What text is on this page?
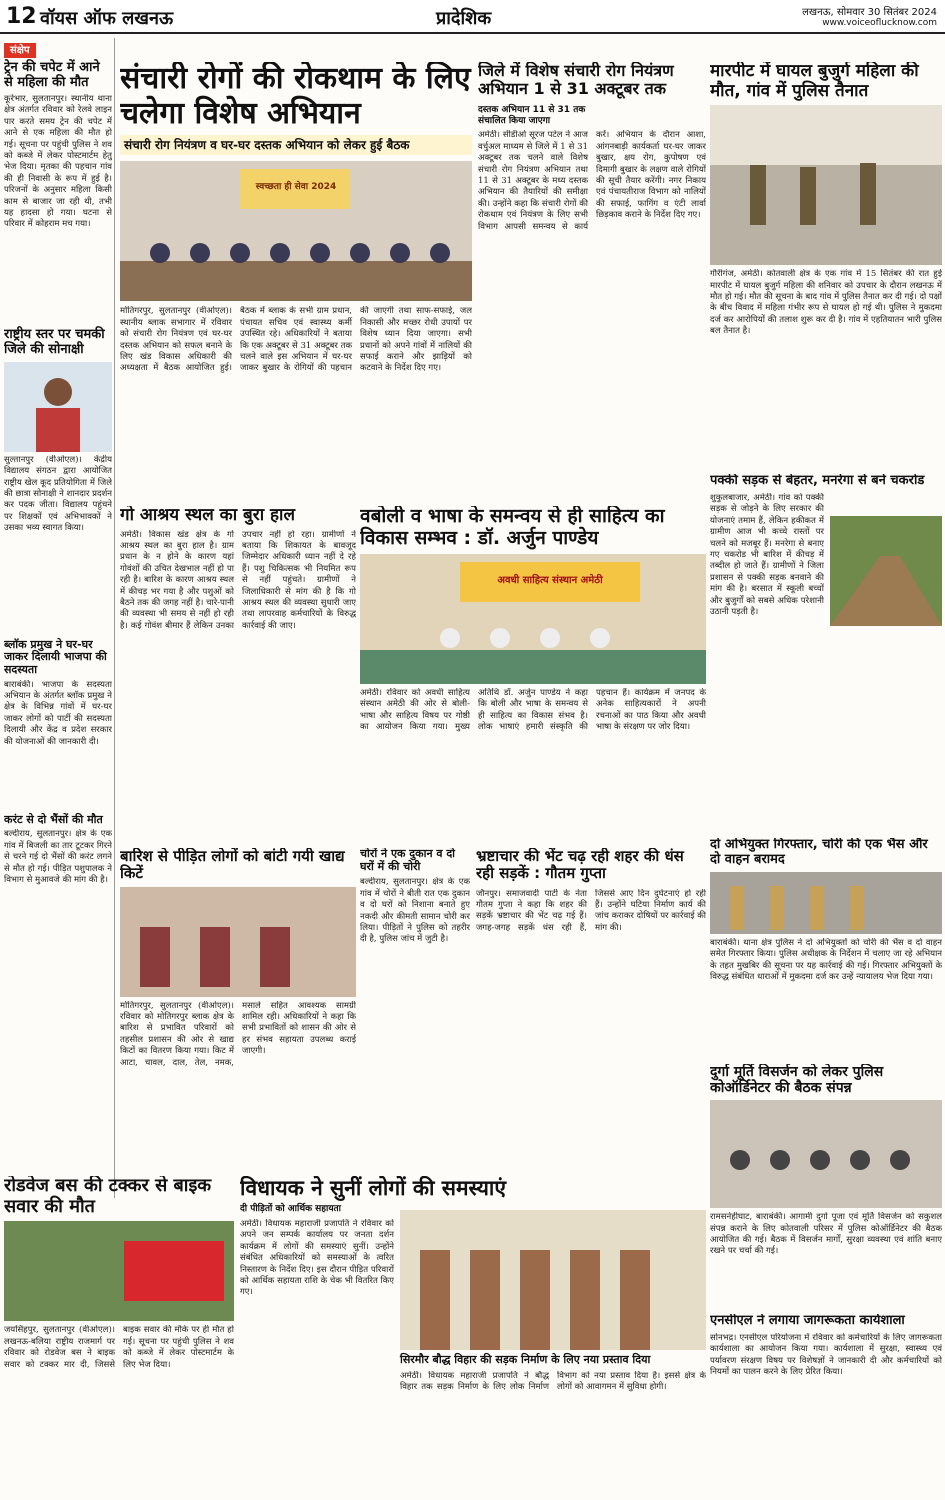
12 वॉयस ऑफ लखनऊ	प्रादेशिक	लखनऊ, सोमवार 30 सितंबर 2024
www.voiceoflucknow.com
संक्षेप
ट्रेन की चपेट में आने से महिला की मौत
कूरेभार, सुलतानपुर। स्थानीय थाना क्षेत्र अंतर्गत रविवार को रेलवे लाइन पार करते समय ट्रेन की चपेट में आने से एक महिला की मौत हो गई। सूचना पर पहुंची पुलिस ने शव को कब्जे में लेकर पोस्टमार्टम हेतु भेज दिया। मृतका की पहचान गांव की ही निवासी के रूप में हुई है। परिजनों के अनुसार महिला किसी काम से बाजार जा रही थी, तभी यह हादसा हो गया। घटना से परिवार में कोहराम मच गया।
राष्ट्रीय स्तर पर चमकी जिले की सोनाक्षी
सुल्तानपुर (वीओएल)। केंद्रीय विद्यालय संगठन द्वारा आयोजित राष्ट्रीय खेल कूद प्रतियोगिता में जिले की छात्रा सोनाक्षी ने शानदार प्रदर्शन कर पदक जीता। विद्यालय पहुंचने पर शिक्षकों एवं अभिभावकों ने उसका भव्य स्वागत किया।
ब्लाॅक प्रमुख ने घर-घर जाकर दिलायी भाजपा की सदस्यता
बाराबंकी। भाजपा के सदस्यता अभियान के अंतर्गत ब्लाॅक प्रमुख ने क्षेत्र के विभिन्न गांवों में घर-घर जाकर लोगों को पार्टी की सदस्यता दिलायी और केंद्र व प्रदेश सरकार की योजनाओं की जानकारी दी।
करंट से दो भैंसों की मौत
बल्दीराय, सुलतानपुर। क्षेत्र के एक गांव में बिजली का तार टूटकर गिरने से चरने गई दो भैंसों की करंट लगने से मौत हो गई। पीड़ित पशुपालक ने विभाग से मुआवजे की मांग की है।
संचारी रोगों की रोकथाम के लिए चलेगा विशेष अभियान
संचारी रोग नियंत्रण व घर-घर दस्तक अभियान को लेकर हुई बैठक
स्वच्छता ही सेवा 2024
मोतिगरपुर, सुलतानपुर (वीओएल)। स्थानीय ब्लाक सभागार में रविवार को संचारी रोग नियंत्रण एवं घर-घर दस्तक अभियान को सफल बनाने के लिए खंड विकास अधिकारी की अध्यक्षता में बैठक आयोजित हुई। बैठक में ब्लाक के सभी ग्राम प्रधान, पंचायत सचिव एवं स्वास्थ्य कर्मी उपस्थित रहे। अधिकारियों ने बताया कि एक अक्टूबर से 31 अक्टूबर तक चलने वाले इस अभियान में घर-घर जाकर बुखार के रोगियों की पहचान की जाएगी तथा साफ-सफाई, जल निकासी और मच्छर रोधी उपायों पर विशेष ध्यान दिया जाएगा। सभी प्रधानों को अपने गांवों में नालियों की सफाई कराने और झाड़ियों को कटवाने के निर्देश दिए गए।
जिले में विशेष संचारी रोग नियंत्रण अभियान 1 से 31 अक्टूबर तक
दस्तक अभियान 11 से 31 तक संचालित किया जाएगा
अमेठी। सीडीओ सूरज पटेल ने आज वर्चुअल माध्यम से जिले में 1 से 31 अक्टूबर तक चलने वाले विशेष संचारी रोग नियंत्रण अभियान तथा 11 से 31 अक्टूबर के मध्य दस्तक अभियान की तैयारियों की समीक्षा की। उन्होंने कहा कि संचारी रोगों की रोकथाम एवं नियंत्रण के लिए सभी विभाग आपसी समन्वय से कार्य करें। अभियान के दौरान आशा, आंगनबाड़ी कार्यकर्ता घर-घर जाकर बुखार, क्षय रोग, कुपोषण एवं दिमागी बुखार के लक्षण वाले रोगियों की सूची तैयार करेंगी। नगर निकाय एवं पंचायतीराज विभाग को नालियों की सफाई, फागिंग व एंटी लार्वा छिड़काव कराने के निर्देश दिए गए।
मारपीट में घायल बुजुर्ग महिला की मौत, गांव में पुलिस तैनात
गौरीगंज, अमेठी। कोतवाली क्षेत्र के एक गांव में 15 सितंबर की रात हुई मारपीट में घायल बुजुर्ग महिला की शनिवार को उपचार के दौरान लखनऊ में मौत हो गई। मौत की सूचना के बाद गांव में पुलिस तैनात कर दी गई। दो पक्षों के बीच विवाद में महिला गंभीर रूप से घायल हो गई थी। पुलिस ने मुकदमा दर्ज कर आरोपियों की तलाश शुरू कर दी है। गांव में एहतियातन भारी पुलिस बल तैनात है।
पक्की सड़क से बेहतर, मनरेगा से बने चकरोड
शुकुलबाजार, अमेठी। गांव को पक्की सड़क से जोड़ने के लिए सरकार की योजनाएं तमाम हैं, लेकिन हकीकत में ग्रामीण आज भी कच्चे रास्तों पर चलने को मजबूर हैं। मनरेगा से बनाए गए चकरोड भी बारिश में कीचड़ में तब्दील हो जाते हैं। ग्रामीणों ने जिला प्रशासन से पक्की सड़क बनवाने की मांग की है। बरसात में स्कूली बच्चों और बुजुर्गों को सबसे अधिक परेशानी उठानी पड़ती है।
दो अभियुक्त गिरफ्तार, चोरी की एक भैंस और दो वाहन बरामद
बाराबंकी। थाना क्षेत्र पुलिस ने दो अभियुक्तों को चोरी की भैंस व दो वाहन समेत गिरफ्तार किया। पुलिस अधीक्षक के निर्देशन में चलाए जा रहे अभियान के तहत मुखबिर की सूचना पर यह कार्रवाई की गई। गिरफ्तार अभियुक्तों के विरुद्ध संबंधित धाराओं में मुकदमा दर्ज कर उन्हें न्यायालय भेज दिया गया।
दुर्गा मूर्ति विसर्जन को लेकर पुलिस कोऑर्डिनेटर की बैठक संपन्न
रामसनेहीघाट, बाराबंकी। आगामी दुर्गा पूजा एवं मूर्ति विसर्जन को सकुशल संपन्न कराने के लिए कोतवाली परिसर में पुलिस कोऑर्डिनेटर की बैठक आयोजित की गई। बैठक में विसर्जन मार्गों, सुरक्षा व्यवस्था एवं शांति बनाए रखने पर चर्चा की गई।
एनसीएल ने लगाया जागरूकता कार्यशाला
सोनभद्र। एनसीएल परियोजना में रविवार को कर्मचारियों के लिए जागरूकता कार्यशाला का आयोजन किया गया। कार्यशाला में सुरक्षा, स्वास्थ्य एवं पर्यावरण संरक्षण विषय पर विशेषज्ञों ने जानकारी दी और कर्मचारियों को नियमों का पालन करने के लिए प्रेरित किया।
गो आश्रय स्थल का बुरा हाल
अमेठी। विकास खंड क्षेत्र के गो आश्रय स्थल का बुरा हाल है। ग्राम प्रधान के न होने के कारण यहां गोवंशों की उचित देखभाल नहीं हो पा रही है। बारिश के कारण आश्रय स्थल में कीचड़ भर गया है और पशुओं को बैठने तक की जगह नहीं है। चारे-पानी की व्यवस्था भी समय से नहीं हो रही है। कई गोवंश बीमार हैं लेकिन उनका उपचार नहीं हो रहा। ग्रामीणों ने बताया कि शिकायत के बावजूद जिम्मेदार अधिकारी ध्यान नहीं दे रहे हैं। पशु चिकित्सक भी नियमित रूप से नहीं पहुंचते। ग्रामीणों ने जिलाधिकारी से मांग की है कि गो आश्रय स्थल की व्यवस्था सुधारी जाए तथा लापरवाह कर्मचारियों के विरुद्ध कार्रवाई की जाए।
वबोली व भाषा के समन्वय से ही साहित्य का विकास सम्भव : डॉ. अर्जुन पाण्डेय
अवधी साहित्य संस्थान अमेठी
अमेठी। रविवार को अवधी साहित्य संस्थान अमेठी की ओर से बोली-भाषा और साहित्य विषय पर गोष्ठी का आयोजन किया गया। मुख्य अतिथि डॉ. अर्जुन पाण्डेय ने कहा कि बोली और भाषा के समन्वय से ही साहित्य का विकास संभव है। लोक भाषाएं हमारी संस्कृति की पहचान हैं। कार्यक्रम में जनपद के अनेक साहित्यकारों ने अपनी रचनाओं का पाठ किया और अवधी भाषा के संरक्षण पर जोर दिया।
बारिश से पीड़ित लोगों को बांटी गयी खाद्य किटें
मोतिगरपुर, सुलतानपुर (वीओएल)। रविवार को मोतिगरपुर ब्लाक क्षेत्र के बारिश से प्रभावित परिवारों को तहसील प्रशासन की ओर से खाद्य किटों का वितरण किया गया। किट में आटा, चावल, दाल, तेल, नमक, मसाले सहित आवश्यक सामग्री शामिल रही। अधिकारियों ने कहा कि सभी प्रभावितों को शासन की ओर से हर संभव सहायता उपलब्ध कराई जाएगी।
चोरों ने एक दुकान व दो घरों में की चोरी
बल्दीराय, सुलतानपुर। क्षेत्र के एक गांव में चोरों ने बीती रात एक दुकान व दो घरों को निशाना बनाते हुए नकदी और कीमती सामान चोरी कर लिया। पीड़ितों ने पुलिस को तहरीर दी है, पुलिस जांच में जुटी है।
भ्रष्टाचार की भेंट चढ़ रही शहर की धंस रही सड़कें : गौतम गुप्ता
जौनपुर। समाजवादी पार्टी के नेता गौतम गुप्ता ने कहा कि शहर की सड़कें भ्रष्टाचार की भेंट चढ़ गई हैं। जगह-जगह सड़कें धंस रही हैं, जिससे आए दिन दुर्घटनाएं हो रही हैं। उन्होंने घटिया निर्माण कार्य की जांच कराकर दोषियों पर कार्रवाई की मांग की।
रोडवेज बस की टक्कर से बाइक सवार की मौत
जयसिंहपुर, सुलतानपुर (वीओएल)। लखनऊ-बलिया राष्ट्रीय राजमार्ग पर रविवार को रोडवेज बस ने बाइक सवार को टक्कर मार दी, जिससे बाइक सवार की मौके पर ही मौत हो गई। सूचना पर पहुंची पुलिस ने शव को कब्जे में लेकर पोस्टमार्टम के लिए भेज दिया।
विधायक ने सुनीं लोगों की समस्याएं
दी पीड़ितों को आर्थिक सहायता
अमेठी। विधायक महाराजी प्रजापति ने रविवार को अपने जन सम्पर्क कार्यालय पर जनता दर्शन कार्यक्रम में लोगों की समस्याएं सुनीं। उन्होंने संबंधित अधिकारियों को समस्याओं के त्वरित निस्तारण के निर्देश दिए। इस दौरान पीड़ित परिवारों को आर्थिक सहायता राशि के चेक भी वितरित किए गए।
सिरमौर बौद्ध विहार की सड़क निर्माण के लिए नया प्रस्ताव दिया
अमेठी। विधायक महाराजी प्रजापति ने बौद्ध विहार तक सड़क निर्माण के लिए लोक निर्माण विभाग को नया प्रस्ताव दिया है। इससे क्षेत्र के लोगों को आवागमन में सुविधा होगी।
